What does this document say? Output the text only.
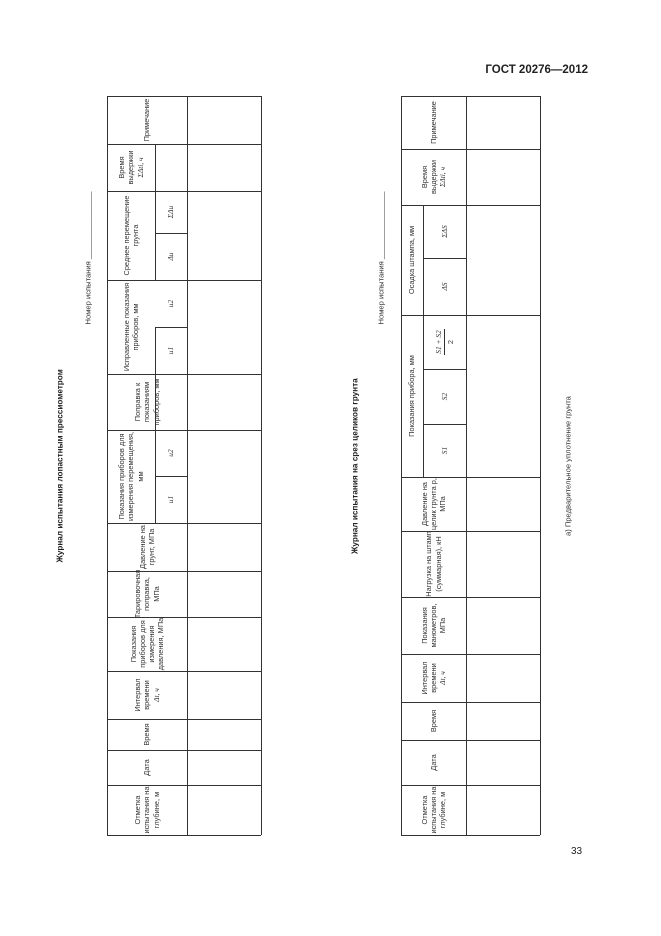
ГОСТ 20276—2012
33
Отметка испытания на глубине, м
Дата
Время
Интервал времени Δt, ч
Показания приборов для измерения давления, МПа
Тарировочная поправка, МПа
Давление на грунт, МПа
Показания приборов для измерения перемещения, мм
u1
u2
Поправка к показаниям приборов, мм
Исправленные показания приборов, мм
u1
u2
Среднее перемещение грунта
Δu
ΣΔu
Время выдержки ΣΔti, ч
Примечание
Журнал испытания лопастным прессиометром
Номер испытания ________________
Отметка испытания на глубине, м
Дата
Время
Интервал времени Δt, ч
Показания манометров, МПа
Нагрузка на штамп (суммарная), кН
Давление на целик грунта p, МПа
Показания прибора, мм
S1
S2
S1 + S2 2
Осадка штампа, мм	ΔS
ΣΔS
Время выдержки ΣΔti, ч
Примечание
Журнал испытания на срез целиков грунта
Номер испытания ________________
а) Предварительное уплотнение грунта
